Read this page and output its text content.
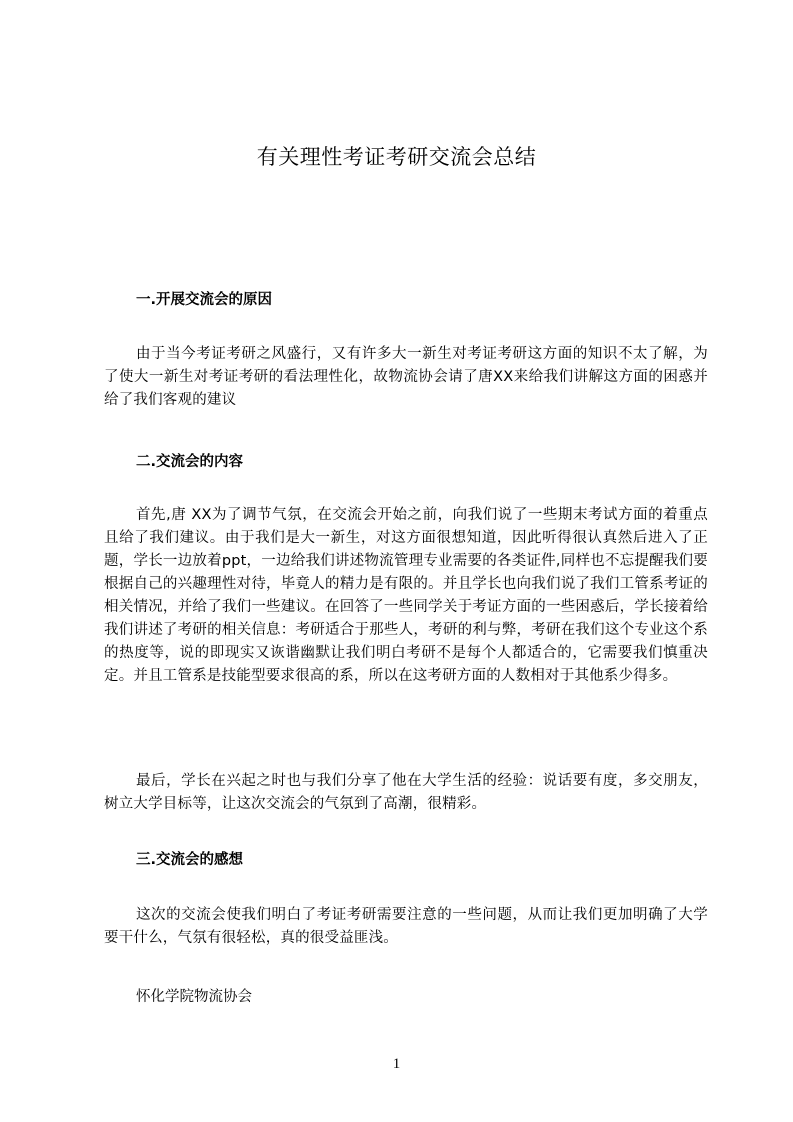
有关理性考证考研交流会总结
一.开展交流会的原因

由于当今考证考研之风盛行，又有许多大一新生对考证考研这方面的知识不太了解，为了使大一新生对考证考研的看法理性化，故物流协会请了唐XX来给我们讲解这方面的困惑并给了我们客观的建议

二.交流会的内容

首先,唐 XX为了调节气氛，在交流会开始之前，向我们说了一些期末考试方面的着重点且给了我们建议。由于我们是大一新生，对这方面很想知道，因此听得很认真然后进入了正题，学长一边放着ppt，一边给我们讲述物流管理专业需要的各类证件,同样也不忘提醒我们要根据自己的兴趣理性对待，毕竟人的精力是有限的。并且学长也向我们说了我们工管系考证的相关情况，并给了我们一些建议。在回答了一些同学关于考证方面的一些困惑后，学长接着给我们讲述了考研的相关信息：考研适合于那些人，考研的利与弊，考研在我们这个专业这个系的热度等，说的即现实又诙谐幽默让我们明白考研不是每个人都适合的，它需要我们慎重决定。并且工管系是技能型要求很高的系，所以在这考研方面的人数相对于其他系少得多。

最后，学长在兴起之时也与我们分享了他在大学生活的经验：说话要有度，多交朋友，树立大学目标等，让这次交流会的气氛到了高潮，很精彩。

三.交流会的感想

这次的交流会使我们明白了考证考研需要注意的一些问题，从而让我们更加明确了大学要干什么，气氛有很轻松，真的很受益匪浅。

怀化学院物流协会

1
